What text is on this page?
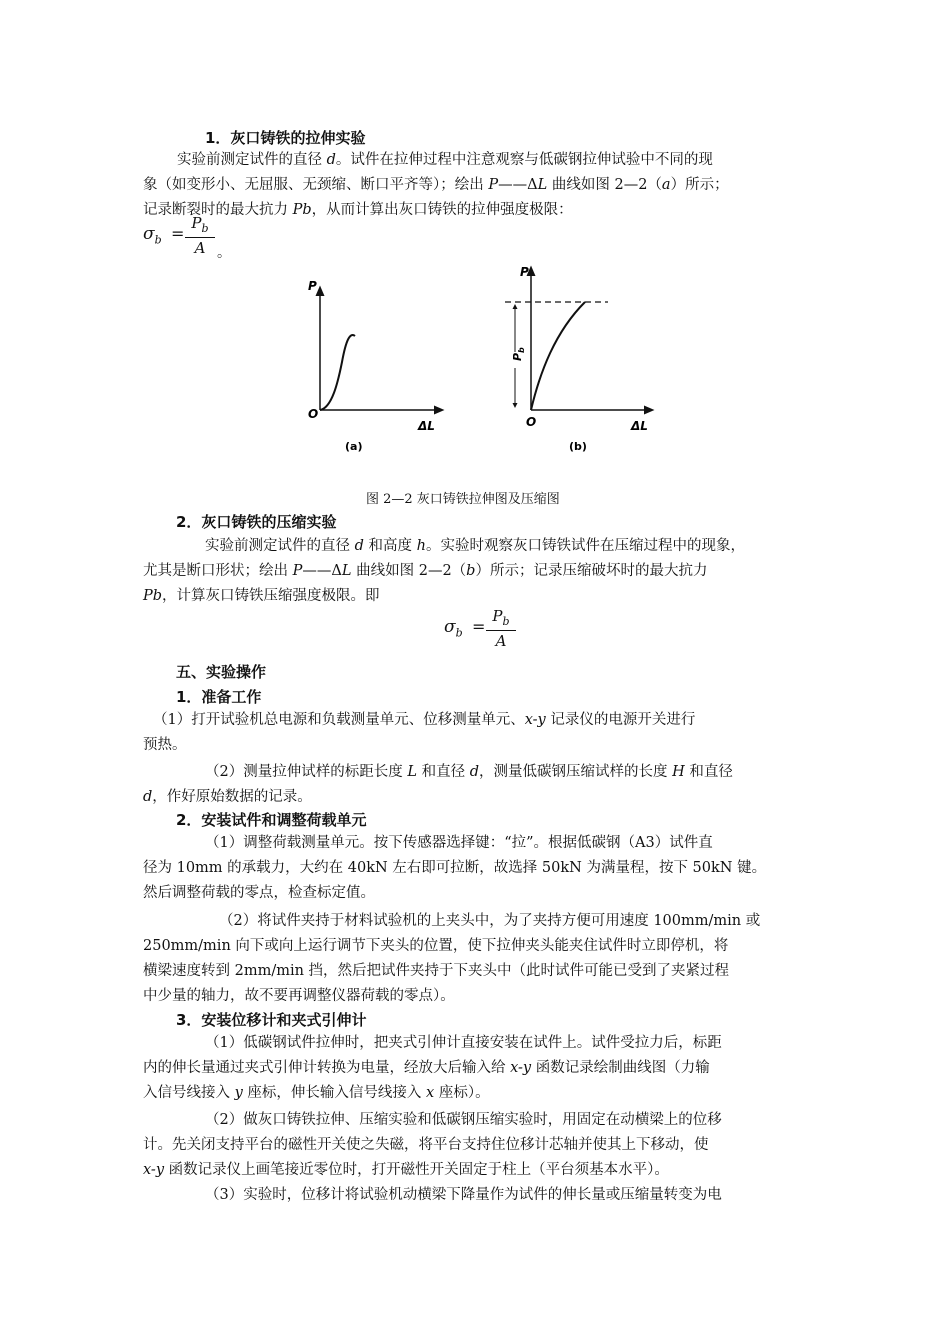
1．灰口铸铁的拉伸实验
实验前测定试件的直径 d。试件在拉伸过程中注意观察与低碳钢拉伸试验中不同的现
象（如变形小、无屈服、无颈缩、断口平齐等）；绘出 P——ΔL 曲线如图 2—2（a）所示；
记录断裂时的最大抗力 Pb，从而计算出灰口铸铁的拉伸强度极限：
$\sigma_b$ =
$P_b$
A 。
P
O
ΔL
(a)
$P_b$
P
O	ΔL
(b)
图 2—2 灰口铸铁拉伸图及压缩图
2．灰口铸铁的压缩实验
实验前测定试件的直径 d 和高度 h。实验时观察灰口铸铁试件在压缩过程中的现象，
尤其是断口形状；绘出 P——ΔL 曲线如图 2—2（b）所示；记录压缩破坏时的最大抗力
Pb，计算灰口铸铁压缩强度极限。即
$\sigma_b$ =
$P_b$
A
五、实验操作
1．准备工作
（1）打开试验机总电源和负载测量单元、位移测量单元、x-y 记录仪的电源开关进行
预热。
（2）测量拉伸试样的标距长度 L 和直径 d，测量低碳钢压缩试样的长度 H 和直径
d，作好原始数据的记录。
2．安装试件和调整荷载单元
（1）调整荷载测量单元。按下传感器选择键：“拉”。根据低碳钢（A3）试件直
径为 10mm 的承载力，大约在 40kN 左右即可拉断，故选择 50kN 为满量程，按下 50kN 键。
然后调整荷载的零点，检查标定值。
（2）将试件夹持于材料试验机的上夹头中，为了夹持方便可用速度 100mm/min 或
250mm/min 向下或向上运行调节下夹头的位置，使下拉伸夹头能夹住试件时立即停机，将
横梁速度转到 2mm/min 挡，然后把试件夹持于下夹头中（此时试件可能已受到了夹紧过程
中少量的轴力，故不要再调整仪器荷载的零点）。
3．安装位移计和夹式引伸计
（1）低碳钢试件拉伸时，把夹式引伸计直接安装在试件上。试件受拉力后，标距
内的伸长量通过夹式引伸计转换为电量，经放大后输入给 x-y 函数记录绘制曲线图（力输
入信号线接入 y 座标，伸长输入信号线接入 x 座标）。
（2）做灰口铸铁拉伸、压缩实验和低碳钢压缩实验时，用固定在动横梁上的位移
计。先关闭支持平台的磁性开关使之失磁，将平台支持住位移计芯轴并使其上下移动，使
x-y 函数记录仪上画笔接近零位时，打开磁性开关固定于柱上（平台须基本水平）。
（3）实验时，位移计将试验机动横梁下降量作为试件的伸长量或压缩量转变为电
